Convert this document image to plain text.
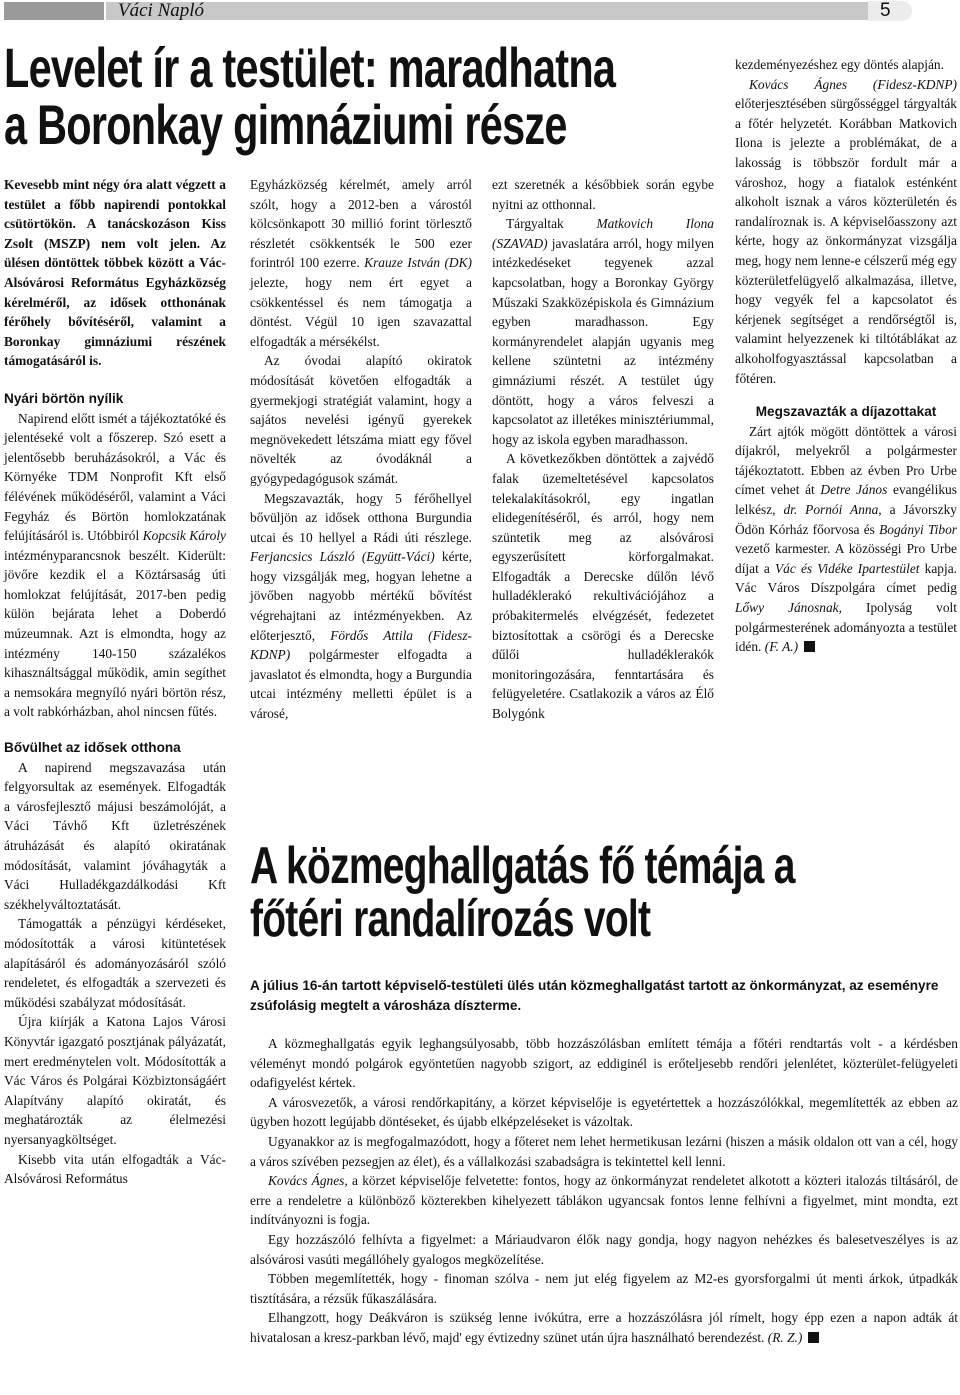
Váci Napló	5
Levelet ír a testület: maradhatna
a Boronkay gimnáziumi része

Kevesebb mint négy óra alatt végzett a testület a főbb napirendi pontokkal csütörtökön. A tanácskozáson Kiss Zsolt (MSZP) nem volt jelen. Az ülésen döntöttek többek között a Vác-Alsóvárosi Református Egyházközség kérelméről, az idősek otthonának férőhely bővítéséről, valamint a Boronkay gimnáziumi részének támogatásáról is.

Nyári börtön nyílik

Napirend előtt ismét a tájékoztatóké és jelentéseké volt a főszerep. Szó esett a jelentősebb beruházásokról, a Vác és Környéke TDM Nonprofit Kft első félévének működéséről, valamint a Váci Fegyház és Börtön homlokzatának felújításáról is. Utóbbiról Kopcsik Károly intézményparancsnok beszélt. Kiderült: jövőre kezdik el a Köztársaság úti homlokzat felújítását, 2017-ben pedig külön bejárata lehet a Doberdó múzeumnak. Azt is elmondta, hogy az intézmény 140-150 százalékos kihasználtsággal működik, amin segíthet a nemsokára megnyíló nyári börtön rész, a volt rabkórházban, ahol nincsen fűtés.

Bővülhet az idősek otthona

A napirend megszavazása után felgyorsultak az események. Elfogadták a városfejlesztő májusi beszámolóját, a Váci Távhő Kft üzletrészének átruházását és alapító okiratának módosítását, valamint jóváhagyták a Váci Hulladékgazdálkodási Kft székhelyváltoztatását.

Támogatták a pénzügyi kérdéseket, módosították a városi kitüntetések alapításáról és adományozásáról szóló rendeletet, és elfogadták a szervezeti és működési szabályzat módosítását.

Újra kiírják a Katona Lajos Városi Könyvtár igazgató posztjának pályázatát, mert eredménytelen volt. Módosították a Vác Város és Polgárai Közbiztonságáért Alapítvány alapító okiratát, és meghatározták az élelmezési nyersanyagköltséget.

Kisebb vita után elfogadták a Vác-Alsóvárosi Református

Egyházközség kérelmét, amely arról szólt, hogy a 2012-ben a várostól kölcsönkapott 30 millió forint törlesztő részletét csökkentsék le 500 ezer forintról 100 ezerre. Krauze István (DK) jelezte, hogy nem ért egyet a csökkentéssel és nem támogatja a döntést. Végül 10 igen szavazattal elfogadták a mérsékélst.

Az óvodai alapító okiratok módosítását követően elfogadták a gyermekjogi stratégiát valamint, hogy a sajátos nevelési igényű gyerekek megnövekedett létszáma miatt egy fővel növelték az óvodáknál a gyógypedagógusok számát.

Megszavazták, hogy 5 férőhellyel bővüljön az idősek otthona Burgundia utcai és 10 hellyel a Rádi úti részlege. Ferjancsics László (Együtt-Váci) kérte, hogy vizsgálják meg, hogyan lehetne a jövőben nagyobb mértékű bővítést végrehajtani az intézményekben. Az előterjesztő, Fördős Attila (Fidesz-KDNP) polgármester elfogadta a javaslatot és elmondta, hogy a Burgundia utcai intézmény melletti épület is a városé,

ezt szeretnék a későbbiek során egybe nyitni az otthonnal.

Tárgyaltak Matkovich Ilona (SZAVAD) javaslatára arról, hogy milyen intézkedéseket tegyenek azzal kapcsolatban, hogy a Boronkay György Műszaki Szakközépiskola és Gimnázium egyben maradhasson. Egy kormányrendelet alapján ugyanis meg kellene szüntetni az intézmény gimnáziumi részét. A testület úgy döntött, hogy a város felveszi a kapcsolatot az illetékes minisztériummal, hogy az iskola egyben maradhasson.

A következőkben döntöttek a zajvédő falak üzemeltetésével kapcsolatos telekalakításokról, egy ingatlan elidegenítéséről, és arról, hogy nem szüntetik meg az alsóvárosi egyszerűsített körforgalmakat. Elfogadták a Derecske dűlőn lévő hulladéklerakó rekultivációjához a próbakitermelés elvégzését, fedezetet biztosítottak a csörögi és a Derecske dűlői hulladéklerakók monitoringozására, fenntartására és felügyeletére. Csatlakozik a város az Élő Bolygónk

kezdeményezéshez egy döntés alapján.

Kovács Ágnes (Fidesz-KDNP) előterjesztésében sürgősséggel tárgyalták a főtér helyzetét. Korábban Matkovich Ilona is jelezte a problémákat, de a lakosság is többször fordult már a városhoz, hogy a fiatalok esténként alkoholt isznak a város közterületén és randalíroznak is. A képviselőasszony azt kérte, hogy az önkormányzat vizsgálja meg, hogy nem lenne-e célszerű még egy közterületfelügyelő alkalmazása, illetve, hogy vegyék fel a kapcsolatot és kérjenek segítséget a rendőrségtől is, valamint helyezzenek ki tiltótáblákat az alkoholfogyasztással kapcsolatban a főtéren.

Megszavazták a díjazottakat

Zárt ajtók mögött döntöttek a városi díjakról, melyekről a polgármester tájékoztatott. Ebben az évben Pro Urbe címet vehet át Detre János evangélikus lelkész, dr. Pornói Anna, a Jávorszky Ödön Kórház főorvosa és Bogányi Tibor vezető karmester. A közösségi Pro Urbe díjat a Vác és Vidéke Ipartestület kapja. Vác Város Díszpolgára címet pedig Lőwy Jánosnak, Ipolyság volt polgármesterének adományozta a testület idén. (F. A.)

A közmeghallgatás fő témája a
főtéri randalírozás volt
A július 16-án tartott képviselő-testületi ülés után közmeghallgatást tartott az önkormányzat, az eseményre zsúfolásig megtelt a városháza díszterme.

A közmeghallgatás egyik leghangsúlyosabb, több hozzászólásban említett témája a főtéri rendtartás volt - a kérdésben véleményt mondó polgárok egyöntetűen nagyobb szigort, az eddiginél is erőteljesebb rendőri jelenlétet, közterület-felügyeleti odafigyelést kértek.

A városvezetők, a városi rendőrkapitány, a körzet képviselője is egyetértettek a hozzászólókkal, megemlítették az ebben az ügyben hozott legújabb döntéseket, és újabb elképzeléseket is vázoltak.

Ugyanakkor az is megfogalmazódott, hogy a főteret nem lehet hermetikusan lezárni (hiszen a másik oldalon ott van a cél, hogy a város szívében pezsegjen az élet), és a vállalkozási szabadságra is tekintettel kell lenni.

Kovács Ágnes, a körzet képviselője felvetette: fontos, hogy az önkormányzat rendeletet alkotott a közteri italozás tiltásáról, de erre a rendeletre a különböző közterekben kihelyezett táblákon ugyancsak fontos lenne felhívni a figyelmet, mint mondta, ezt indítványozni is fogja.

Egy hozzászóló felhívta a figyelmet: a Máriaudvaron élők nagy gondja, hogy nagyon nehézkes és balesetveszélyes is az alsóvárosi vasúti megállóhely gyalogos megközelítése.

Többen megemlítették, hogy - finoman szólva - nem jut elég figyelem az M2-es gyorsforgalmi út menti árkok, útpadkák tisztítására, a rézsűk fűkaszálására.

Elhangzott, hogy Deákváron is szükség lenne ivókútra, erre a hozzászólásra jól rímelt, hogy épp ezen a napon adták át hivatalosan a kresz-parkban lévő, majd' egy évtizedny szünet után újra használható berendezést. (R. Z.)
